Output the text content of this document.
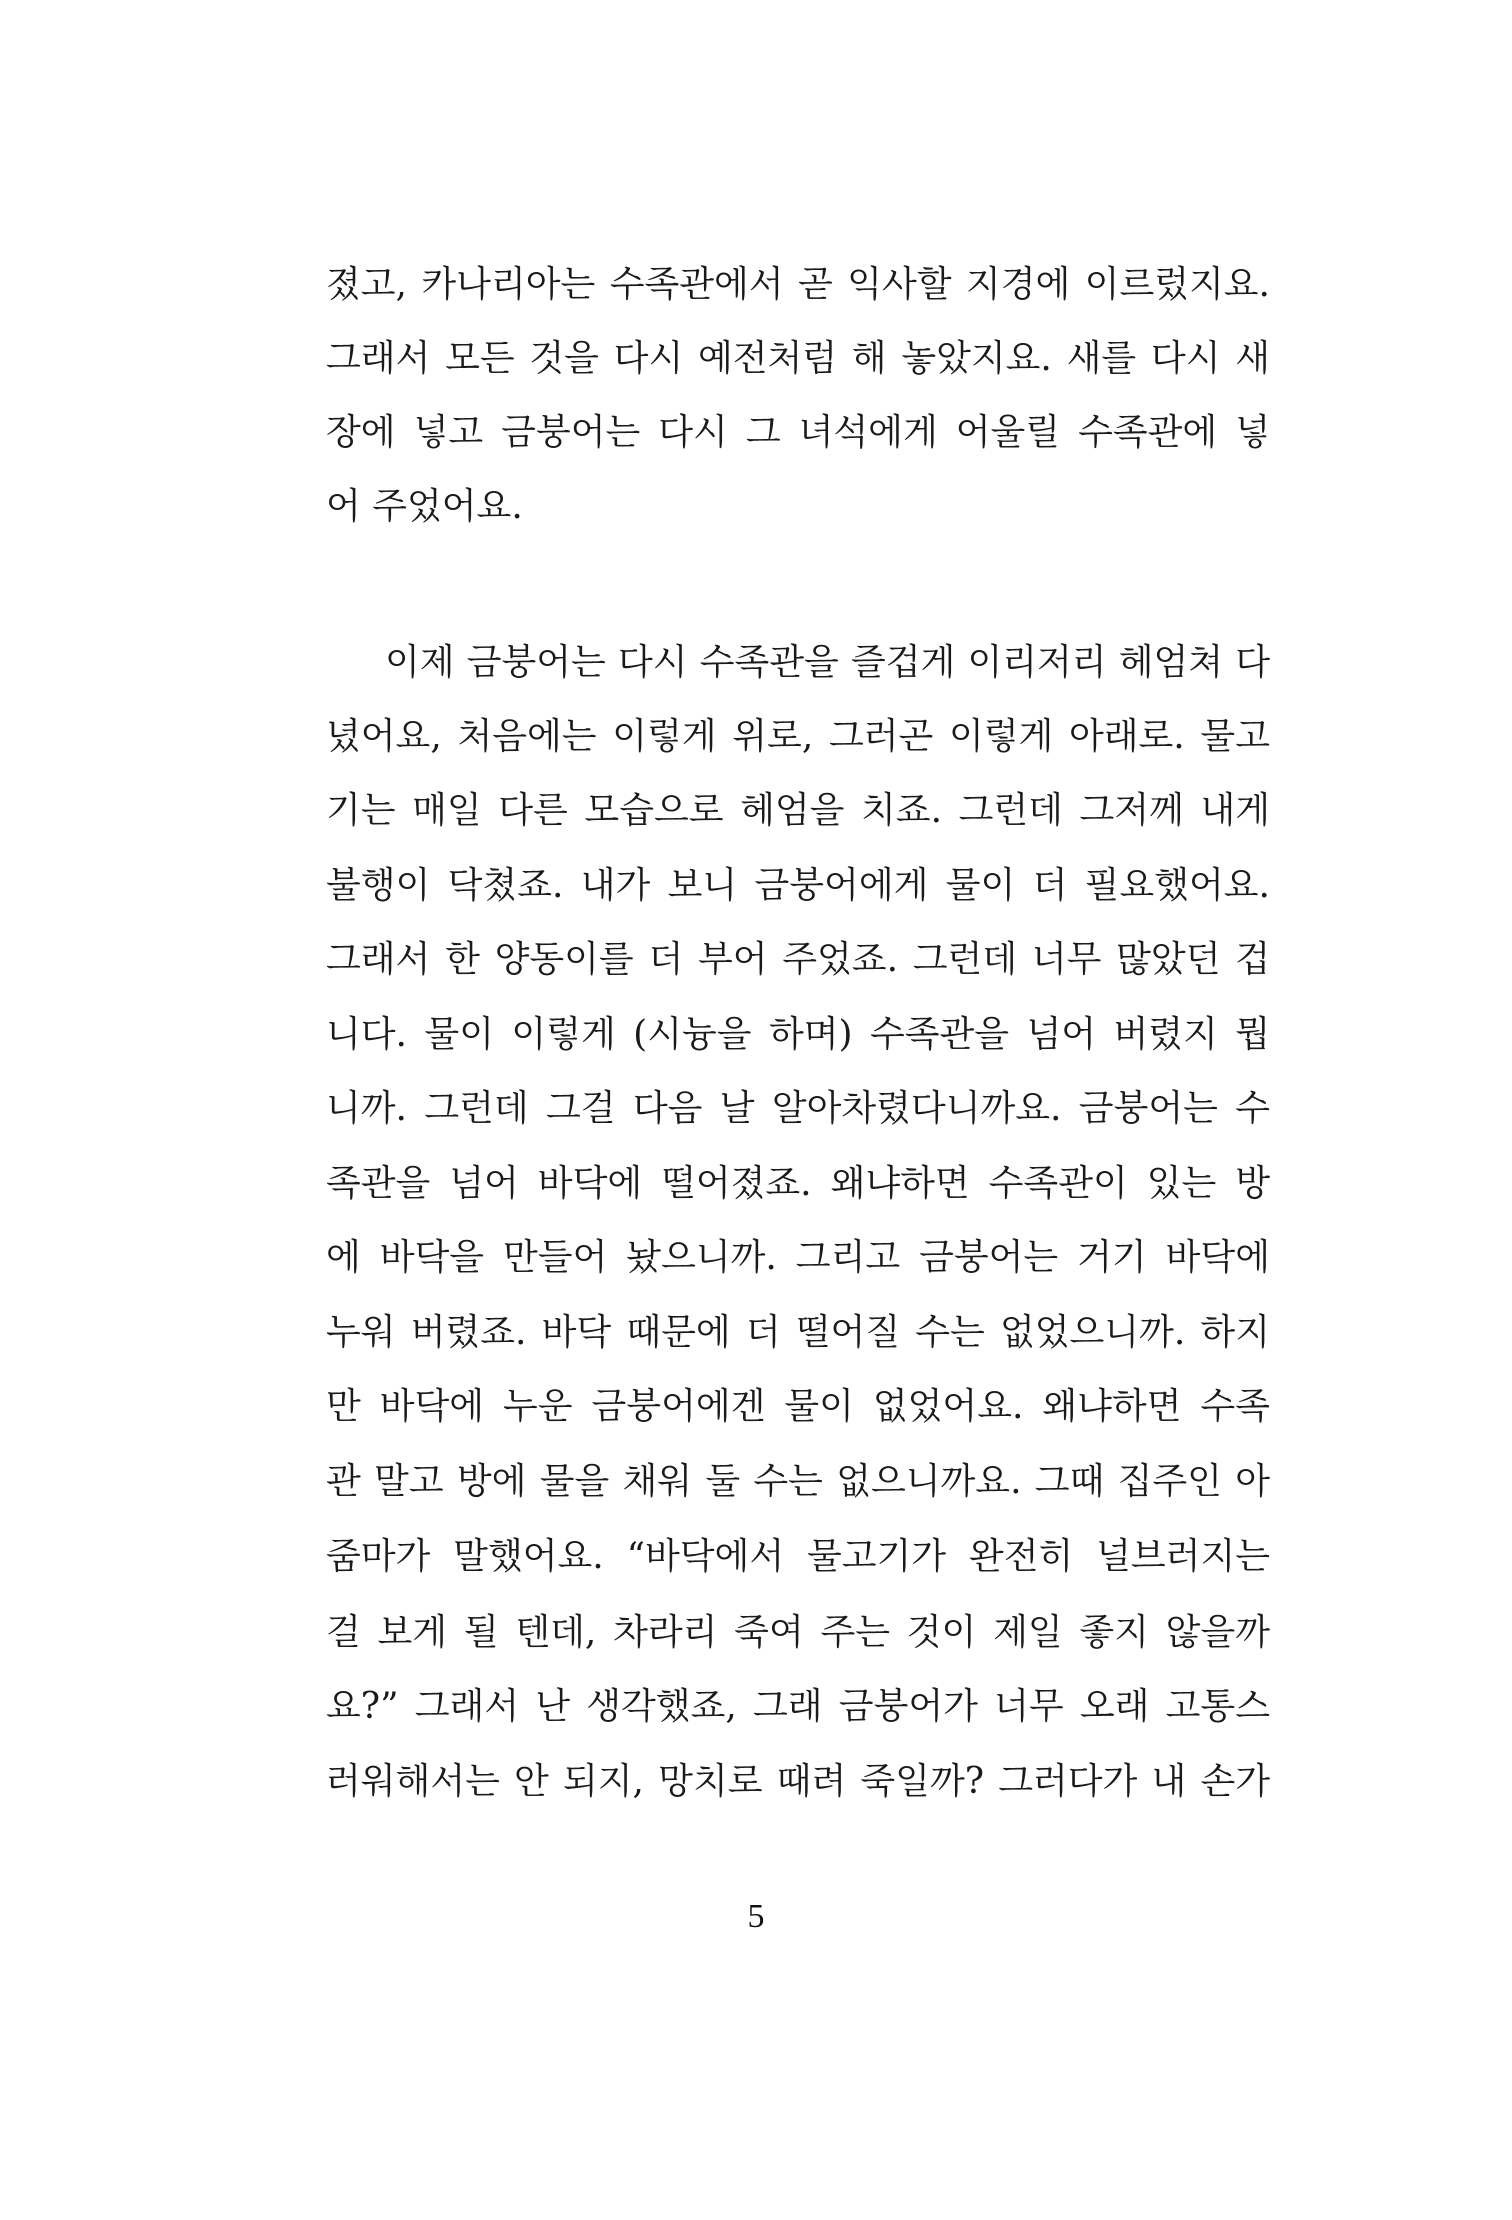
졌고, 카나리아는 수족관에서 곧 익사할 지경에 이르렀지요.
그래서 모든 것을 다시 예전처럼 해 놓았지요. 새를 다시 새
장에 넣고 금붕어는 다시 그 녀석에게 어울릴 수족관에 넣
어 주었어요.
이제 금붕어는 다시 수족관을 즐겁게 이리저리 헤엄쳐 다
녔어요, 처음에는 이렇게 위로, 그러곤 이렇게 아래로. 물고
기는 매일 다른 모습으로 헤엄을 치죠. 그런데 그저께 내게
불행이 닥쳤죠. 내가 보니 금붕어에게 물이 더 필요했어요.
그래서 한 양동이를 더 부어 주었죠. 그런데 너무 많았던 겁
니다. 물이 이렇게 (시늉을 하며) 수족관을 넘어 버렸지 뭡
니까. 그런데 그걸 다음 날 알아차렸다니까요. 금붕어는 수
족관을 넘어 바닥에 떨어졌죠. 왜냐하면 수족관이 있는 방
에 바닥을 만들어 놨으니까. 그리고 금붕어는 거기 바닥에
누워 버렸죠. 바닥 때문에 더 떨어질 수는 없었으니까. 하지
만 바닥에 누운 금붕어에겐 물이 없었어요. 왜냐하면 수족
관 말고 방에 물을 채워 둘 수는 없으니까요. 그때 집주인 아
줌마가 말했어요. “바닥에서 물고기가 완전히 널브러지는
걸 보게 될 텐데, 차라리 죽여 주는 것이 제일 좋지 않을까
요?” 그래서 난 생각했죠, 그래 금붕어가 너무 오래 고통스
러워해서는 안 되지, 망치로 때려 죽일까? 그러다가 내 손가
5
